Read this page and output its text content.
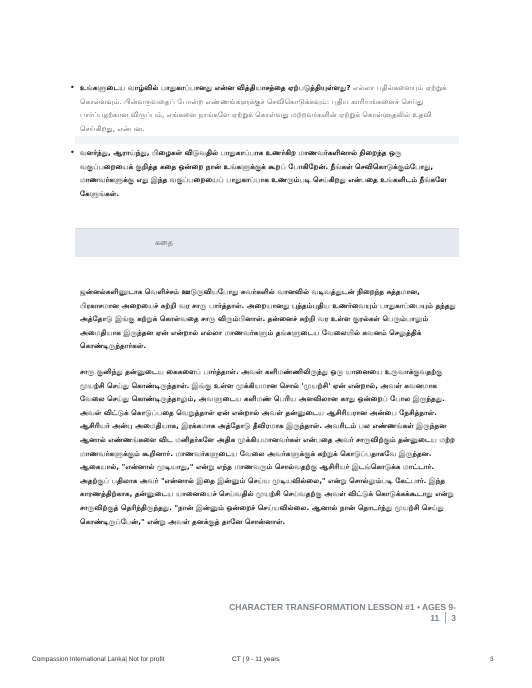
• உங்களுடைய வாழ்வில் பாதுகாப்பானது என்ன வித்தியாசத்தை ஏற்படுத்தியுள்ளது? எல்லா பதில்களையும் ஏற்றுக் கொள்ளவும். பின்வருவதைப் போன்ற எண்ணங்களுக்குச் செவிகொடுக்கவும்: புதிய காரியங்களைச் செய்து பார்ப்பதற்கான விருப்பம், எங்களை நாங்களே ஏற்றுக் கொள்வது மற்றவர்களின் ஏற்றுக் கொள்ளுதலில் உதவி செய்கிறது, என்பன.
• வளர்ந்து, ஆராய்ந்து, பிழைகள் விடுவதில் பாதுகாப்பாக உணர்கிற மாணவர்களினால் நிறைந்த ஒரு வகுப்பறையைக் குறித்த கதை ஒன்றை நான் உங்களுக்குக் கூறப் போகிறேன். நீங்கள் செவிகொடுக்கும்போது, மாணவர்களுக்கு எது இந்த வகுப்பறையைப் பாதுகாப்பாக உணரும்படி செய்கிறது என்பதை உங்களிடம் நீங்களே கேளுங்கள்.
கதை
ஜன்னல்களினூடாக வெளிச்சம் ஊடுருவியபோது சுவர்களில் வானவில் வடிவத்துடன் நிறைந்த சுத்தமான, பிரகாசமான அறையைச் சுற்றி வர சாரு பார்த்தாள். அறையானது புத்தம்புதிய உணர்வையும் பாதுகாப்பையும் தந்தது அத்தோடு இங்கு கற்றுக் கொள்வதை சாரு விரும்பினாள். தன்னைச் சுற்றி வர உள்ள குரல்கள் பெரும்பாலும் அமைதியாக இருந்தன ஏன் என்றால் எல்லா மாணவர்களும் தங்களுடைய வேலையில் கவனம் செலுத்திக் கொண்டிருந்தார்கள்.
சாரு குனிந்து தன்னுடைய கைகளைப் பார்த்தாள். அவள் களிமண்ணிலிருந்து ஒரு யானையை உருவாக்குவதற்கு முயற்சி செய்து கொண்டிருந்தாள். இங்கு உள்ள முக்கியமான சொல் 'முயற்சி' ஏன் என்றால், அவள் கவனமாக வேலை செய்து கொண்டிருந்தாலும், அவளுடைய களிமண் பெரிய அளவிலான காது ஒன்றைப் போல இருந்தது. அவள் விட்டுக் கொடுப்பதை வெறுத்தாள் ஏன் என்றால் அவள் தன்னுடைய ஆசிரியரான அன்பை நேசித்தாள். ஆசிரியர் அன்பு அமைதியாக, இரக்கமாக அத்தோடு தீவிரமாக இருந்தாள். அவரிடம் பல எண்ணங்கள் இருந்தன ஆனால் எண்ணங்களை விட மனிதர்களே அதிக முக்கியமானவர்கள் என்பதை அவர் சாருவிற்கும் தன்னுடைய மற்ற மாணவர்களுக்கும் கூறினார். மாணவர்களுடைய வேலை அவர்களுக்குக் கற்றுக் கொடுப்பதாகவே இருந்தன. ஆகையால், "என்னால் முடியாது," என்று எந்த மாணவரும் சொல்வதற்கு ஆசிரியர் இடங்கொடுக்க மாட்டார். அதற்குப் பதிலாக அவர் "என்னால் இதை இன்னும் செய்ய முடியவில்லை," என்று சொல்லும்படி கேட்பார். இந்த காரணத்திற்காக, தன்னுடைய யானையைச் செய்வதில் முயற்சி செய்வதற்கு அவள் விட்டுக் கொடுக்கக்கூடாது என்று சாருவிற்குத் தெரிந்திருந்தது. "நான் இன்னும் ஒன்றைச் செய்யவில்லை. ஆனால் நான் தொடர்ந்து முயற்சி செய்து கொண்டிருப்பேன்," என்று அவள் தனக்குத் தானே சொன்னாள்.
CHARACTER TRANSFORMATION LESSON #1 • AGES 9-11 3
Compassion International Lanka| Not for profit	CT | 9 - 11 years	3
